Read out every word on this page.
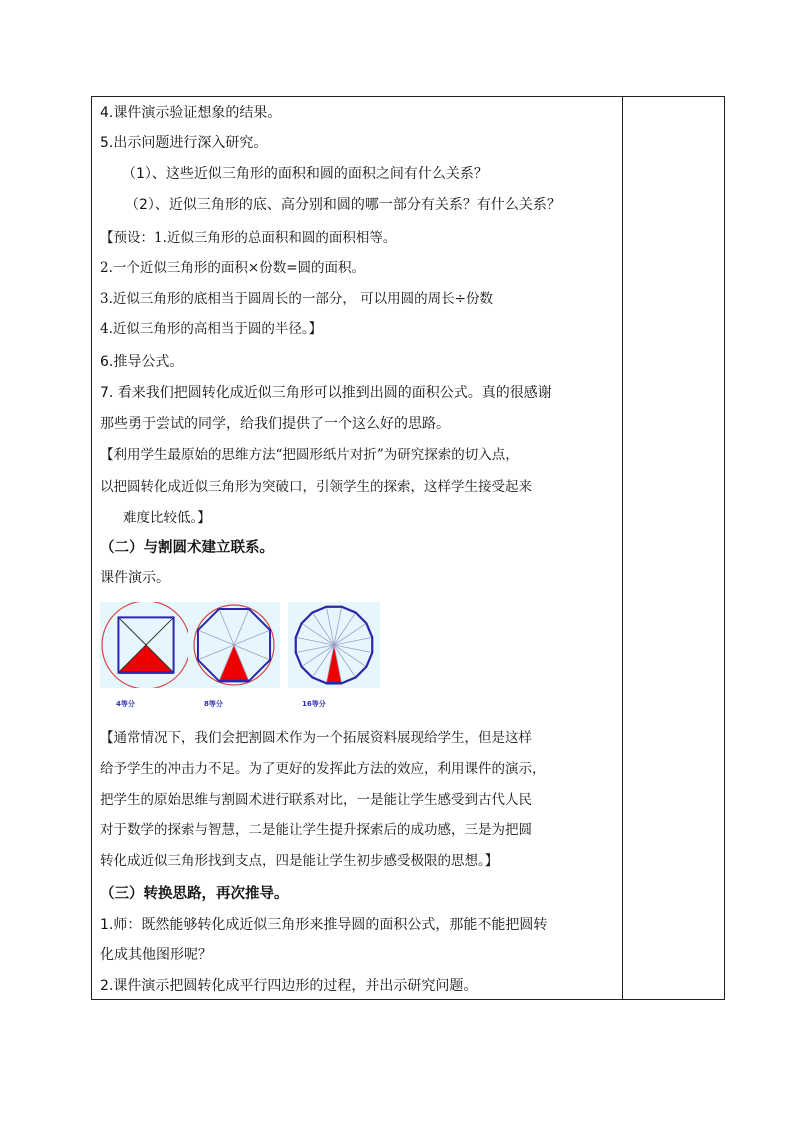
4.课件演示验证想象的结果。
5.出示问题进行深入研究。
（1）、这些近似三角形的面积和圆的面积之间有什么关系？
（2）、近似三角形的底、高分别和圆的哪一部分有关系？有什么关系？
【预设：1.近似三角形的总面积和圆的面积相等。
2.一个近似三角形的面积×份数=圆的面积。
3.近似三角形的底相当于圆周长的一部分， 可以用圆的周长÷份数
4.近似三角形的高相当于圆的半径。】
6.推导公式。
7. 看来我们把圆转化成近似三角形可以推到出圆的面积公式。真的很感谢
那些勇于尝试的同学，给我们提供了一个这么好的思路。
【利用学生最原始的思维方法“把圆形纸片对折”为研究探索的切入点，
以把圆转化成近似三角形为突破口，引领学生的探索，这样学生接受起来
难度比较低。】
（二）与割圆术建立联系。
课件演示。
4等分	8等分	16等分
【通常情况下，我们会把割圆术作为一个拓展资料展现给学生，但是这样
给予学生的冲击力不足。为了更好的发挥此方法的效应，利用课件的演示，
把学生的原始思维与割圆术进行联系对比，一是能让学生感受到古代人民
对于数学的探索与智慧，二是能让学生提升探索后的成功感，三是为把圆
转化成近似三角形找到支点，四是能让学生初步感受极限的思想。】
（三）转换思路，再次推导。
1.师：既然能够转化成近似三角形来推导圆的面积公式，那能不能把圆转
化成其他图形呢？
2.课件演示把圆转化成平行四边形的过程，并出示研究问题。
